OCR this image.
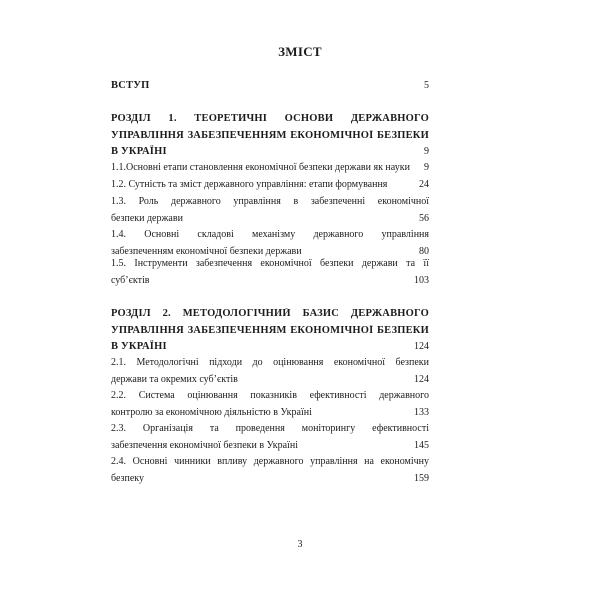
ЗМІСТ
ВСТУП	5
РОЗДІЛ 1. ТЕОРЕТИЧНІ ОСНОВИ ДЕРЖАВНОГО
УПРАВЛІННЯ ЗАБЕЗПЕЧЕННЯМ ЕКОНОМІЧНОЇ БЕЗПЕКИ
В УКРАЇНІ	9
1.1.Основні етапи становлення економічної безпеки держави як науки	9
1.2. Сутність та зміст державного управління: етапи формування	24
1.3. Роль державного управління в забезпеченні економічної
безпеки держави	56
1.4. Основні складові механізму державного управління
забезпеченням економічної безпеки держави	80
1.5. Інструменти забезпечення економічної безпеки держави та її
суб’єктів	103
РОЗДІЛ 2. МЕТОДОЛОГІЧНИЙ БАЗИС ДЕРЖАВНОГО
УПРАВЛІННЯ ЗАБЕЗПЕЧЕННЯМ ЕКОНОМІЧНОЇ БЕЗПЕКИ
В УКРАЇНІ	124
2.1. Методологічні підходи до оцінювання економічної безпеки
держави та окремих суб’єктів	124
2.2. Система оцінювання показників ефективності державного
контролю за економічною діяльністю в Україні	133
2.3. Організація та проведення моніторингу ефективності
забезпечення економічної безпеки в Україні	145
2.4. Основні чинники впливу державного управління на економічну
безпеку	159
3
